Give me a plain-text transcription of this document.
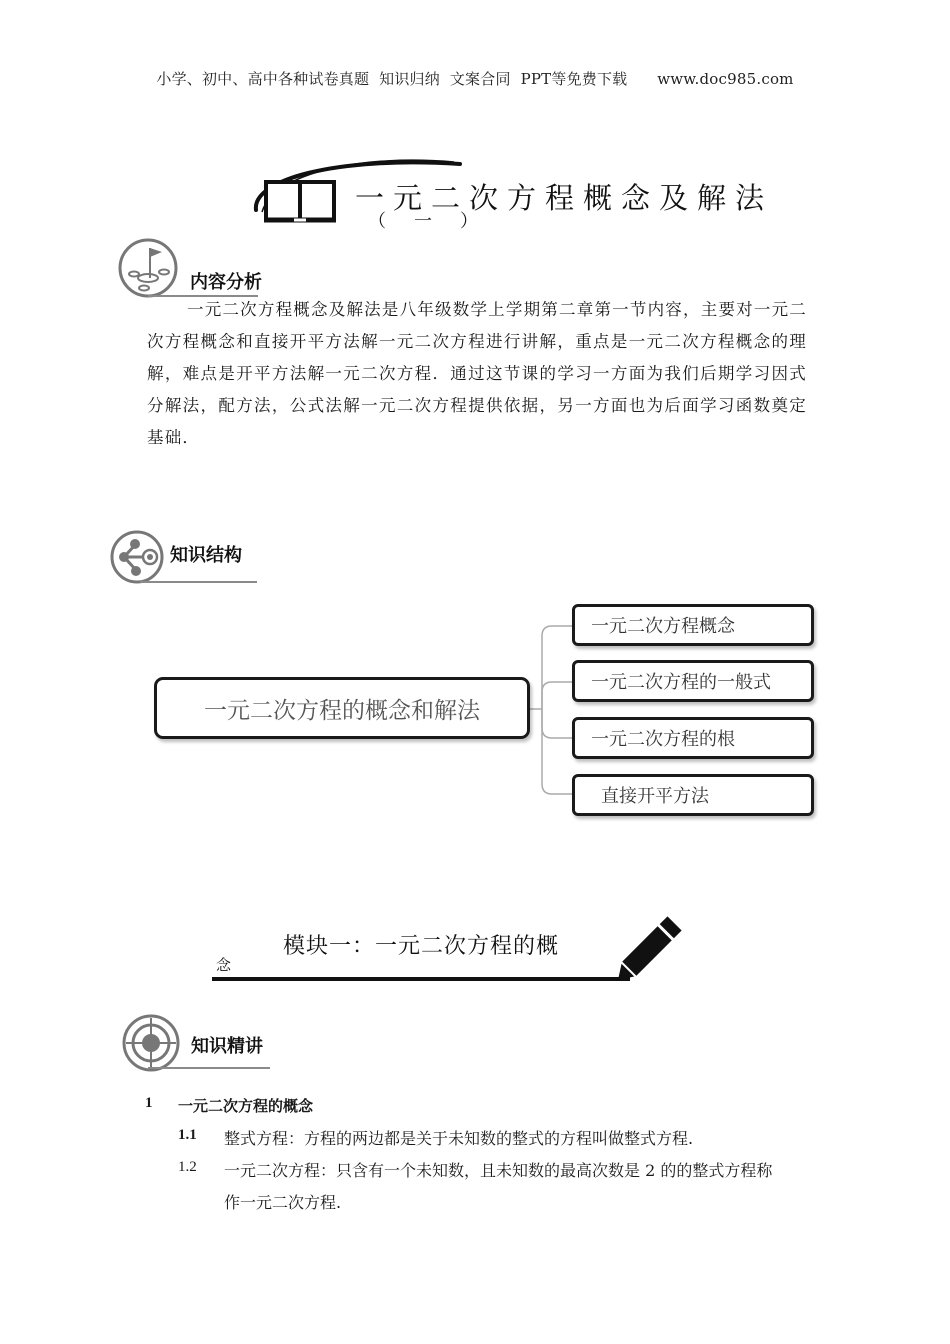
小学、初中、高中各种试卷真题  知识归纳  文案合同  PPT等免费下载 www.doc985.com
一元二次方程概念及解法
（一）
内容分析
一元二次方程概念及解法是八年级数学上学期第二章第一节内容，主要对一元二次方程概念和直接开平方法解一元二次方程进行讲解，重点是一元二次方程概念的理解，难点是开平方法解一元二次方程．通过这节课的学习一方面为我们后期学习因式分解法，配方法，公式法解一元二次方程提供依据，另一方面也为后面学习函数奠定基础．
知识结构
一元二次方程的概念和解法
一元二次方程概念
一元二次方程的一般式
一元二次方程的根
直接开平方法
模块一：一元二次方程的概
念
知识精讲
1 一元二次方程的概念
1.1 整式方程：方程的两边都是关于未知数的整式的方程叫做整式方程.
1.2 一元二次方程：只含有一个未知数，且未知数的最高次数是 2 的的整式方程称
作一元二次方程.
